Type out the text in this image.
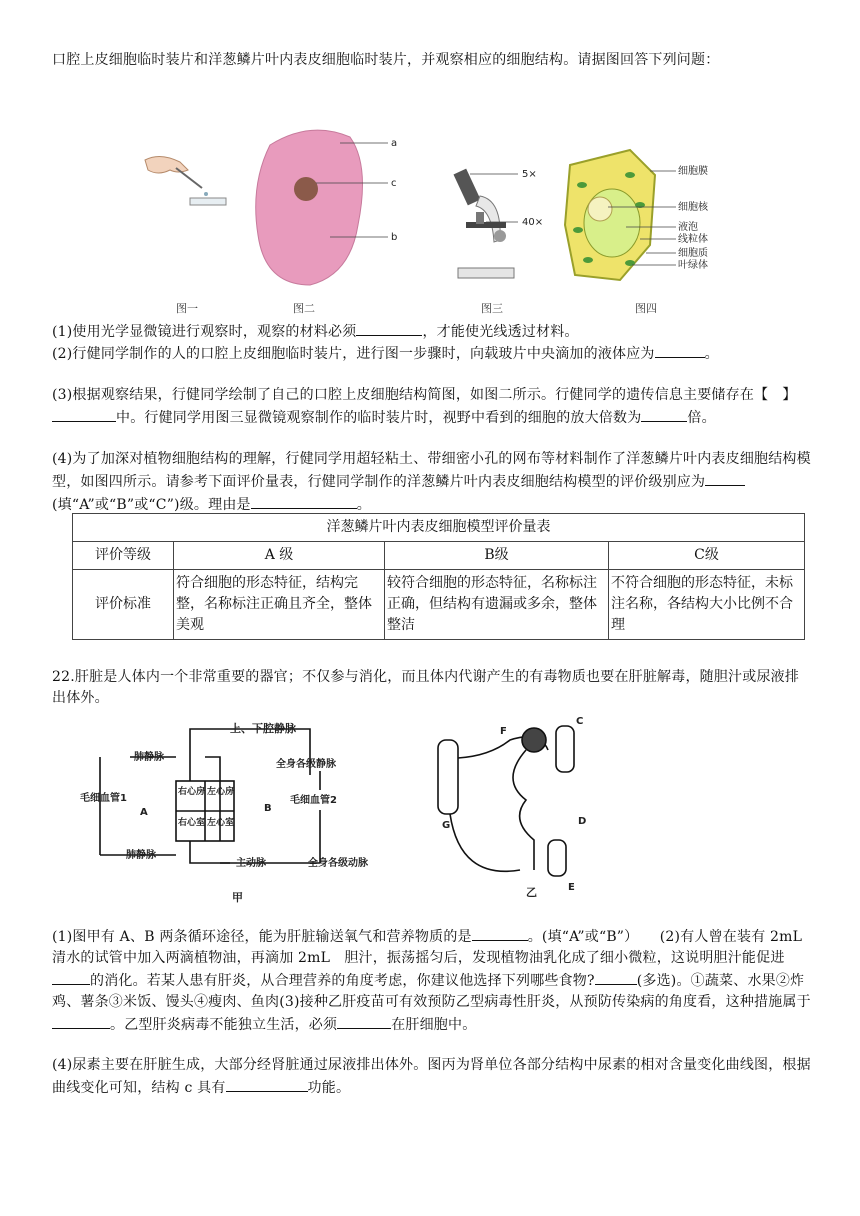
口腔上皮细胞临时装片和洋葱鳞片叶内表皮细胞临时装片，并观察相应的细胞结构。请据图回答下列问题：
a
c
b
5×
40×
细胞膜
细胞核
液泡
线粒体
细胞质
叶绿体
图一	图二	图三	图四
(1)使用光学显微镜进行观察时，观察的材料必须	，才能使光线透过材料。
(2)行健同学制作的人的口腔上皮细胞临时装片，进行图一步骤时，向载玻片中央滴加的液体应为	。
(3)根据观察结果，行健同学绘制了自己的口腔上皮细胞结构简图，如图二所示。行健同学的遗传信息主要储存在【　】中。行健同学用图三显微镜观察制作的临时装片时，视野中看到的细胞的放大倍数为	倍。
(4)为了加深对植物细胞结构的理解，行健同学用超轻粘土、带细密小孔的网布等材料制作了洋葱鳞片叶内表皮细胞结构模型，如图四所示。请参考下面评价量表，行健同学制作的洋葱鳞片叶内表皮细胞结构模型的评价级别应为(填“A”或“B”或“C”)级。理由是	。
洋葱鳞片叶内表皮细胞模型评价量表			
评价等级	A 级	B级	C级
评价标准	符合细胞的形态特征，结构完整，名称标注正确且齐全，整体美观	较符合细胞的形态特征，名称标注正确，但结构有遗漏或多余，整体整洁	不符合细胞的形态特征，未标注名称，各结构大小比例不合理
22.肝脏是人体内一个非常重要的器官；不仅参与消化，而且体内代谢产生的有毒物质也要在肝脏解毒，随胆汁或尿液排出体外。
上、下腔静脉
肺静脉
全身各级静脉
右心房 左心房
右心室 左心室
毛细血管1
A	B
毛细血管2
肺静脉
主动脉	全身各级动脉
甲
F
C
G	D
E
乙
(1)图甲有 A、B 两条循环途径，能为肝脏输送氧气和营养物质的是	。(填“A”或“B”）　　(2)有人曾在装有 2mL 清水的试管中加入两滴植物油，再滴加 2mL　胆汁，振荡摇匀后，发现植物油乳化成了细小微粒，这说明胆汁能促进的消化。若某人患有肝炎，从合理营养的角度考虑，你建议他选择下列哪些食物?	(多选)。①蔬菜、水果②炸鸡、薯条③米饭、馒头④瘦肉、鱼肉(3)接种乙肝疫苗可有效预防乙型病毒性肝炎，从预防传染病的角度看，这种措施属于。乙型肝炎病毒不能独立生活，必须	在肝细胞中。
(4)尿素主要在肝脏生成，大部分经肾脏通过尿液排出体外。图丙为肾单位各部分结构中尿素的相对含量变化曲线图，根据曲线变化可知，结构 c 具有	功能。
